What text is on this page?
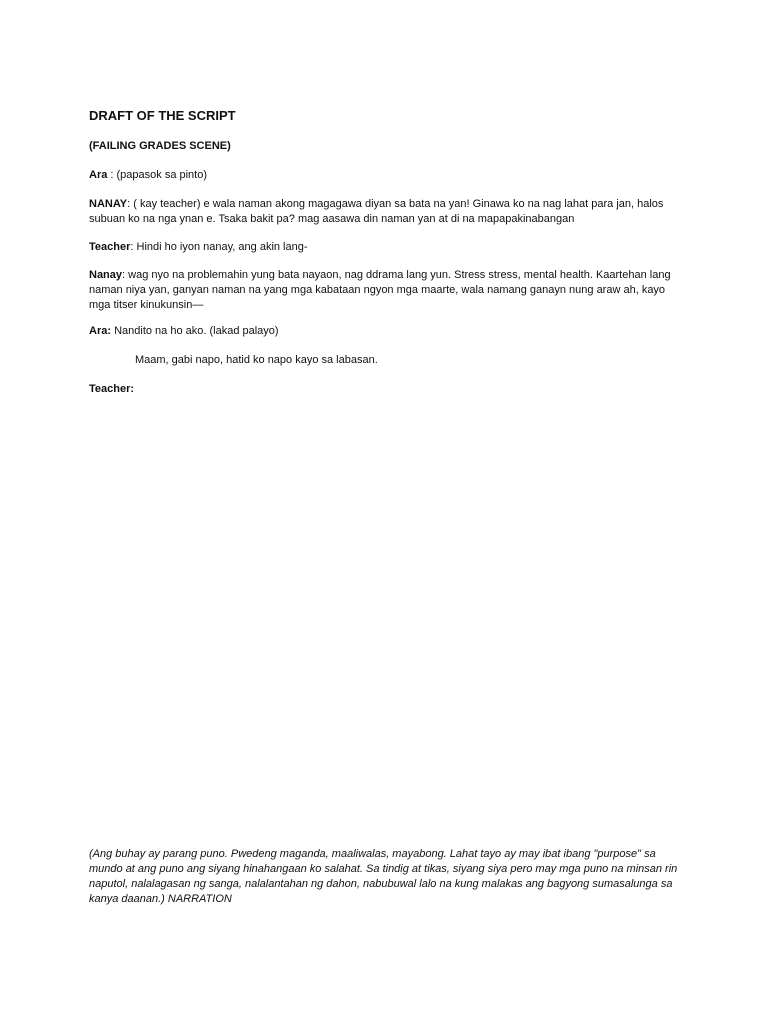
DRAFT OF THE SCRIPT

(FAILING GRADES SCENE)

Ara : (papasok sa pinto)

NANAY: ( kay teacher) e wala naman akong magagawa diyan sa bata na yan! Ginawa ko na nag lahat para jan, halos subuan ko na nga ynan e. Tsaka bakit pa? mag aasawa din naman yan at di na mapapakinabangan

Teacher: Hindi ho iyon nanay, ang akin lang-

Nanay: wag nyo na problemahin yung bata nayaon, nag ddrama lang yun. Stress stress, mental health. Kaartehan lang naman niya yan, ganyan naman na yang mga kabataan ngyon mga maarte, wala namang ganayn nung araw ah, kayo mga titser kinukunsin—

Ara: Nandito na ho ako. (lakad palayo)

Maam, gabi napo, hatid ko napo kayo sa labasan.

Teacher:

(Ang buhay ay parang puno. Pwedeng maganda, maaliwalas, mayabong. Lahat tayo ay may ibat ibang "purpose" sa mundo at ang puno ang siyang hinahangaan ko salahat. Sa tindig at tikas, siyang siya pero may mga puno na minsan rin naputol, nalalagasan ng sanga, nalalantahan ng dahon, nabubuwal lalo na kung malakas ang bagyong sumasalunga sa kanya daanan.) NARRATION
